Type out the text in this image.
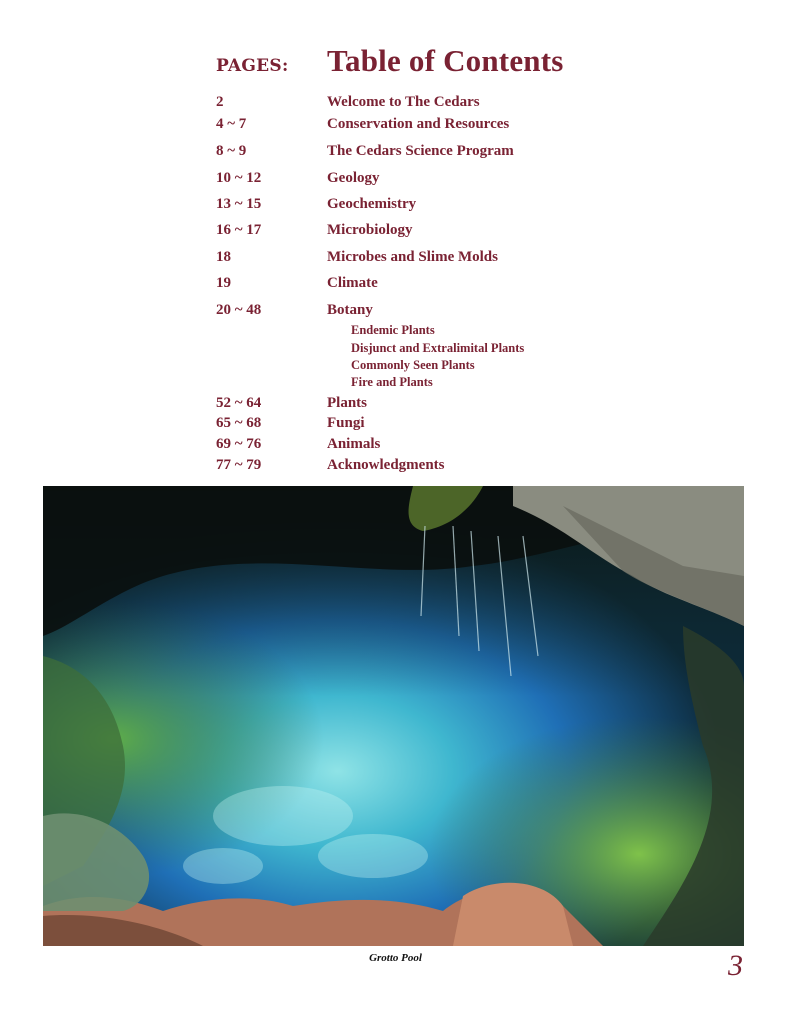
PAGES: Table of Contents
2	Welcome to The Cedars
4 ~ 7	Conservation and Resources
8 ~ 9	The Cedars Science Program
10 ~ 12	Geology
13 ~ 15	Geochemistry
16 ~ 17	Microbiology
18	Microbes and Slime Molds
19	Climate
20 ~ 48	Botany
Endemic Plants
Disjunct and Extralimital Plants
Commonly Seen Plants
Fire and Plants
52 ~ 64	Plants
65 ~ 68	Fungi
69 ~ 76	Animals
77 ~ 79	Acknowledgments
Grotto Pool	3
